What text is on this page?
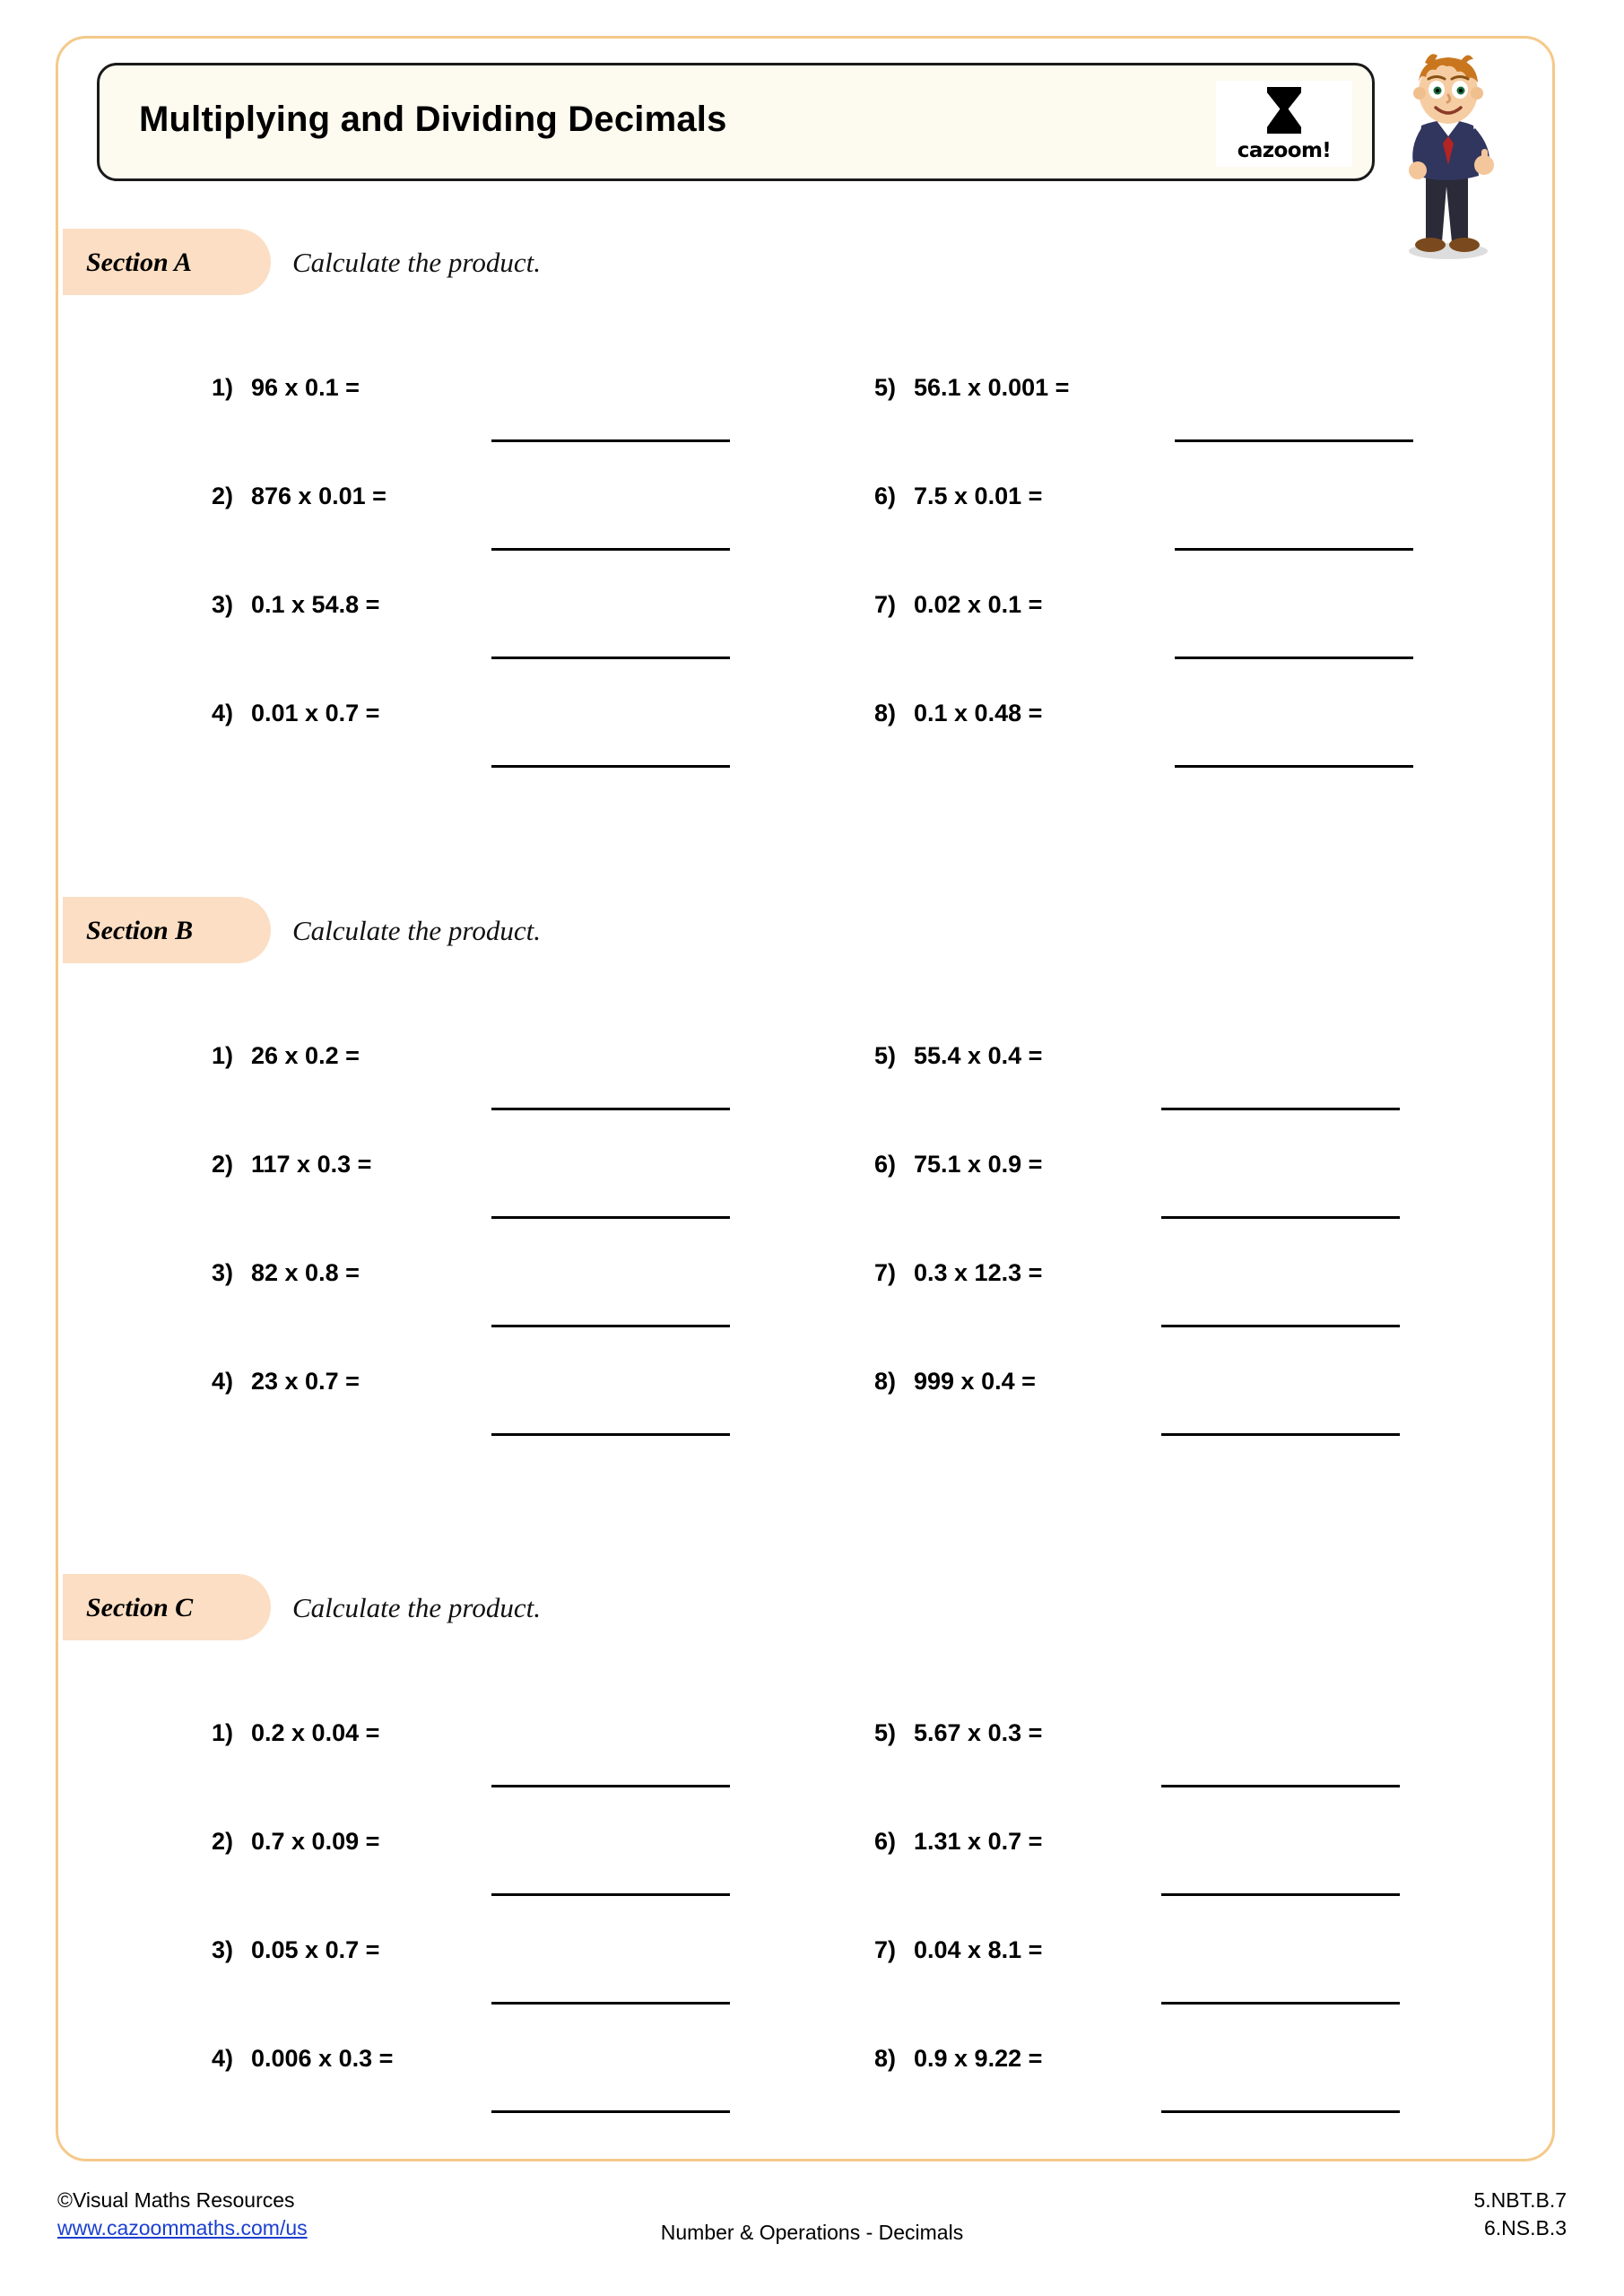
Multiplying and Dividing Decimals
cazoom!
Section A	Calculate the product.
1) 96 x 0.1 =
2) 876 x 0.01 =
3) 0.1 x 54.8 =
4) 0.01 x 0.7 =
5) 56.1 x 0.001 =
6) 7.5 x 0.01 =
7) 0.02 x 0.1 =
8) 0.1 x 0.48 =
Section B	Calculate the product.
1) 26 x 0.2 =
2) 117 x 0.3 =
3) 82 x 0.8 =
4) 23 x 0.7 =
5) 55.4 x 0.4 =
6) 75.1 x 0.9 =
7) 0.3 x 12.3 =
8) 999 x 0.4 =
Section C	Calculate the product.
1) 0.2 x 0.04 =
2) 0.7 x 0.09 =
3) 0.05 x 0.7 =
4) 0.006 x 0.3 =
5) 5.67 x 0.3 =
6) 1.31 x 0.7 =
7) 0.04 x 8.1 =
8) 0.9 x 9.22 =
©Visual Maths Resources
www.cazoommaths.com/us	Number & Operations - Decimals
5.NBT.B.7
6.NS.B.3
